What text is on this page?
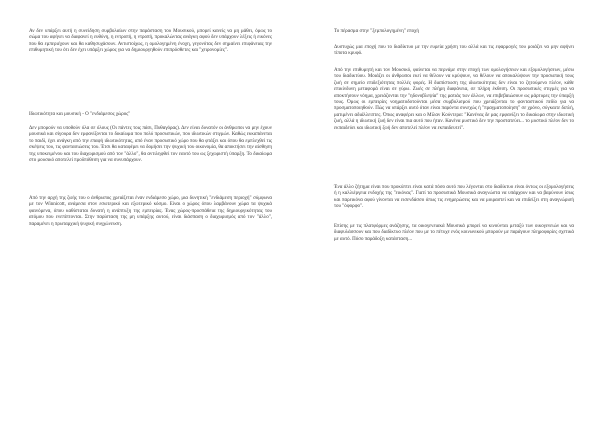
Αν δεν υπάρξει αυτή η συνείδηση συμβολαίων στην παράσταση του Μουσικού, μπορεί κανείς να μη μάθει, όμως το σώμα του αφήνει να διαφανεί η ευθύνη, η εντροπή, η ντροπή, προκαλώντας ανάγκη αφού δεν υπάρχουν λέξεις ή εικόνες που θα εμπεριέχουν και θα καθησυχάσουν. Αντιστοίχως, η ομολογημένη ένοχη, γεγονότας δεν σημαίνει επιφάνειας την επιθυμητική του ότι δεν έχει υπάρξει χώρος για να δημιουργηθούν επιπρόσθετες και "χειρονομίες".

Ιδιωτικότητα και μουσική - Ο "ενδιάμεσος χώρος"

Δεν μπορούν να υποθούν όλα σε όλους (Οι πάντες τοις πάσι, Πυθαγόρας). Δεν είναι δυνατόν οι άνθρωποι να μην έχουν μουσικά και σίγουρα δεν εμφανίζονται το δικαίωμα που πολύ προσωπικών, που ιδιωτικών στιγμών. Καθώς εκκαπάνεται το παιδί, έχει ανάγκη από την επαφή ιδιωτικότητας, από έναν προσωπικό χώρο που θα φτάξει και όπου θα εμπλεχθεί τις σκέψεις του, τις φαντασιώσεις του. Έτσι θα καταφέρει να δομήσει την ψυχική του οικονομία, θα αποκτήσει την αίσθηση της υποκειμένου και του διαχωρισμού από τον "άλλο", θα αντιληφθεί τον εαυτό του ως ξεχωριστή ύπαρξη. Το δικαίωμα στο μουσικό αποτελεί προϋπόθεση για να συνυπάρχουν.

Από την αρχή της ζωής του ο άνθρωπος χρειάζεται έναν ενδιάμεσο χώρο, μια δυνητική "ενδιάμεση περιοχή" σύμφωνα με τον Winnicott, ανάμεσα στον εσωτερικό και εξωτερικό κόσμο. Είναι ο χώρος όπου λαμβάνουν χώρα τα ψυχικά φαινόμενα, όπου καθίσταται δυνατή η ανάπτυξη της εμπειρίας. Ένας χώρος-προσπάθεια της δημιουργικότητας του ατόμου που ενεπίπτονται. Στην παρίσταση της μη υπάρξης αυτού, είναι διάσπαση ο διαχωρισμός από τον "άλλο", παραμένει η πρωταρχική ψυχική συγχώνευση.

Το πέρασμα στην "ξεμπολογημένη" εποχή

Δυστυχώς μια εποχή που το διαδίκτυο με την ευρεία χρήση του αλλά και τις εφαρμογές του μοιάζει να μην αφήνει τίποτα κρυφό.

Από την επιθυμητή και τον Μουσικό, φαίνεται να περνάμε στην εποχή των ομολογήσεων και εξομολογήσεων, μέσω του διαδικτύου. Μοιάζει οι άνθρωποι εκεί να θέλουν να κρύψουν, να θέλουν να αποκαλύψουν την προσωπική τους ζωή σε σημείο επιδεξιότητας πολλές φορές. Η διαπίστωση της ιδιωτικότητας δεν είναι το ζητούμενο πλέον, κάθε επικίνδυνη μεταφορά είναι σε γύρω. Ζωές σε πλήρη διαφάνεια, σε πλήρη έκθεση. Οι προσωπικές στιγμές για να αποκτήσουν νόημα, χρειάζονται την "ηδονοβλεψία" της ματιάς των άλλων, να επιβεβαιώσουν ως μάρτυρες την ύπαρξή τους. Όμως οι εμπειρίες νοηματοδοτούνται μέσα συμβολισμού που χρειάζονται το φανταστικού πεδίο για να προσματοποιηθούν. Πώς να υπάρξει αυτό όταν είναι παρόντα συνεχώς ή "πραγματοποίηση" σε χρόνο, σύγκαιτε διπλή, ματιμένει αδιάλλειπτες. Όπως αναφέρει και ο Μίλαν Κούντερα: "Κανένας δε μας εμφανίζει το δικαίωμα στην ιδιωτική ζωή, αλλά η ιδιωτική ζωή δεν είναι πια αυτό που ήταν. Κανένα μυστικό δεν την προστατεύει... το μυστικό πλέον δεν το εκπαιδεύει και ιδιωτική ζωή δεν αποτελεί πλέον να εκπαιδευτεί".

Ένα άλλο ζήτημα είναι που προκύπτει είναι κατά πόσο αυτό που λέγονται στο διαδίκτυο είναι όντως οι εξομολογήσεις ή η καλλιέργεια ενδοχής της "εικόνας". Γιατί τα προσωπικά Μουσικά αναγνώστα να υπάρχουν και να βαρύνουν ίσως και παρεικόνα αφού γίνονται να εισενδάσσο όπως τις ενημερώσεις και να μοιραστεί και να επιδείξει στη αναγνώρισή του "όφορφο".

Επίσης με τις πλατφόρμες ανάζησης, τα οικογενειακά Μουσικά μπορεί να κινούνται μεταξύ των οικογενειών και να διαφυλάσσουν και που διαδίκτυο πλέον που με το πέτυχε ενός κοινωνικού μπορούν με παράγουν πληροφορίες σχετικά με αυτό. Πόσο παράδοξη κατάσταση...
